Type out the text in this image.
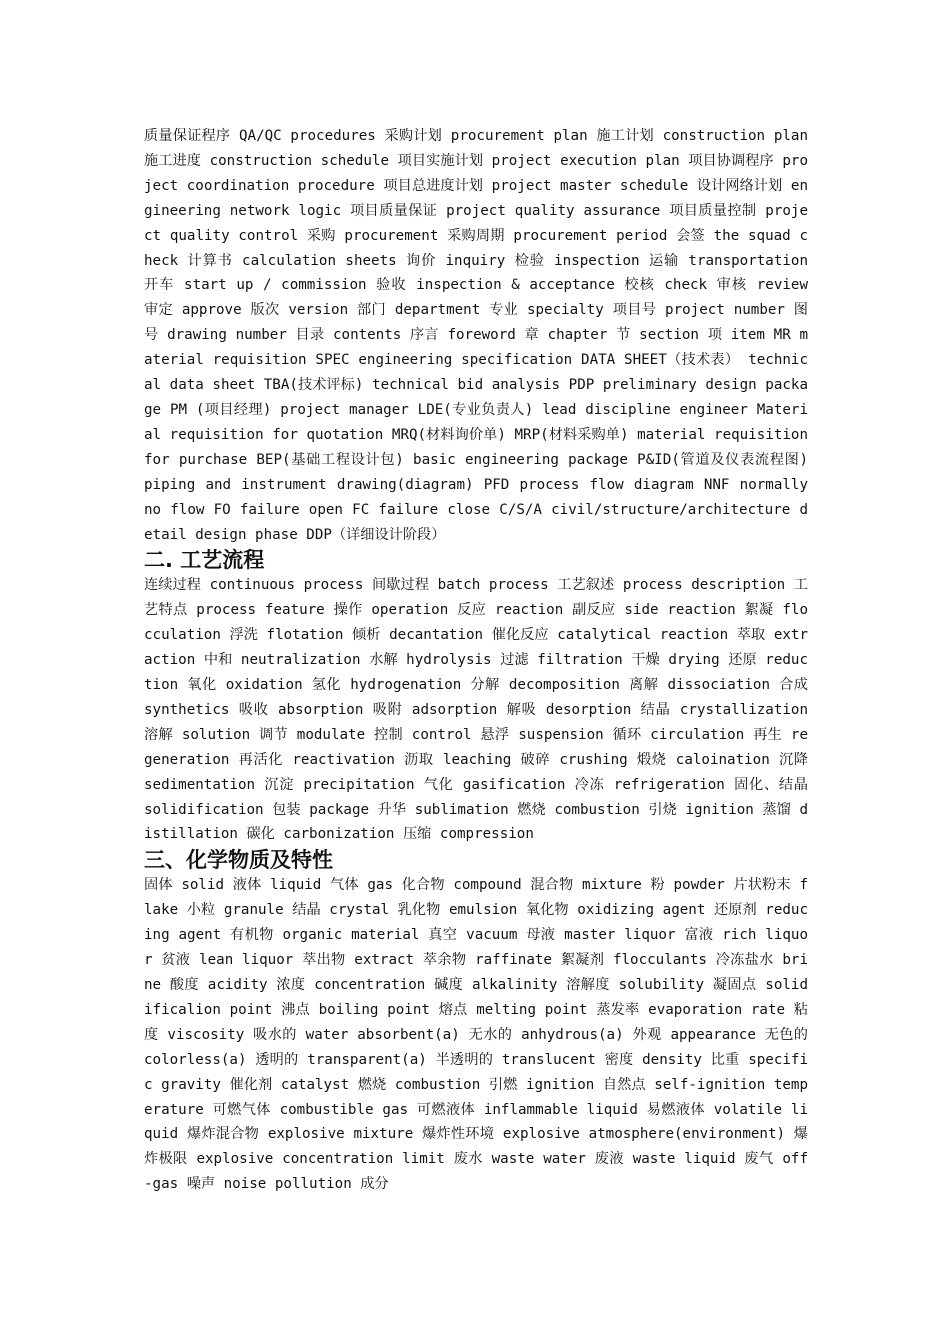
质量保证程序 QA/QC procedures 采购计划 procurement plan 施工计划 construction plan 施工进度 construction schedule 项目实施计划 project execution plan 项目协调程序 project coordination procedure 项目总进度计划 project master schedule 设计网络计划 engineering network logic 项目质量保证 project quality assurance 项目质量控制 project quality control 采购 procurement 采购周期 procurement period 会签 the squad check 计算书 calculation sheets 询价 inquiry 检验 inspection 运输 transportation 开车 start up / commission 验收 inspection & acceptance 校核 check 审核 review 审定 approve 版次 version 部门 department 专业 specialty 项目号 project number 图号 drawing number 目录 contents 序言 foreword 章 chapter 节 section 项 item MR material requisition SPEC engineering specification DATA SHEET（技术表） technical data sheet TBA(技术评标) technical bid analysis PDP preliminary design package PM (项目经理) project manager LDE(专业负责人) lead discipline engineer Material requisition for quotation MRQ(材料询价单) MRP(材料采购单) material requisition for purchase BEP(基础工程设计包) basic engineering package P&ID(管道及仪表流程图) piping and instrument drawing(diagram) PFD process flow diagram NNF normally no flow FO failure open FC failure close C/S/A civil/structure/architecture detail design phase DDP（详细设计阶段）

二. 工艺流程

连续过程 continuous process 间歇过程 batch process 工艺叙述 process description 工艺特点 process feature 操作 operation 反应 reaction 副反应 side reaction 絮凝 flocculation 浮洗 flotation 倾析 decantation 催化反应 catalytical reaction 萃取 extraction 中和 neutralization 水解 hydrolysis 过滤 filtration 干燥 drying 还原 reduction 氧化 oxidation 氢化 hydrogenation 分解 decomposition 离解 dissociation 合成 synthetics 吸收 absorption 吸附 adsorption 解吸 desorption 结晶 crystallization 溶解 solution 调节 modulate 控制 control 悬浮 suspension 循环 circulation 再生 regeneration 再活化 reactivation 沥取 leaching 破碎 crushing 煅烧 caloination 沉降 sedimentation 沉淀 precipitation 气化 gasification 冷冻 refrigeration 固化、结晶 solidification 包装 package 升华 sublimation 燃烧 combustion 引烧 ignition 蒸馏 distillation 碳化 carbonization 压缩 compression

三、化学物质及特性

固体 solid 液体 liquid 气体 gas 化合物 compound 混合物 mixture 粉 powder 片状粉末 flake 小粒 granule 结晶 crystal 乳化物 emulsion 氧化物 oxidizing agent 还原剂 reducing agent 有机物 organic material 真空 vacuum 母液 master liquor 富液 rich liquor 贫液 lean liquor 萃出物 extract 萃余物 raffinate 絮凝剂 flocculants 冷冻盐水 brine 酸度 acidity 浓度 concentration 碱度 alkalinity 溶解度 solubility 凝固点 solidificalion point 沸点 boiling point 熔点 melting point 蒸发率 evaporation rate 粘度 viscosity 吸水的 water absorbent(a) 无水的 anhydrous(a) 外观 appearance 无色的 colorless(a) 透明的 transparent(a) 半透明的 translucent 密度 density 比重 specific gravity 催化剂 catalyst 燃烧 combustion 引燃 ignition 自然点 self-ignition temperature 可燃气体 combustible gas 可燃液体 inflammable liquid 易燃液体 volatile liquid 爆炸混合物 explosive mixture 爆炸性环境 explosive atmosphere(environment) 爆炸极限 explosive concentration limit 废水 waste water 废液 waste liquid 废气 off-gas 噪声 noise pollution 成分
